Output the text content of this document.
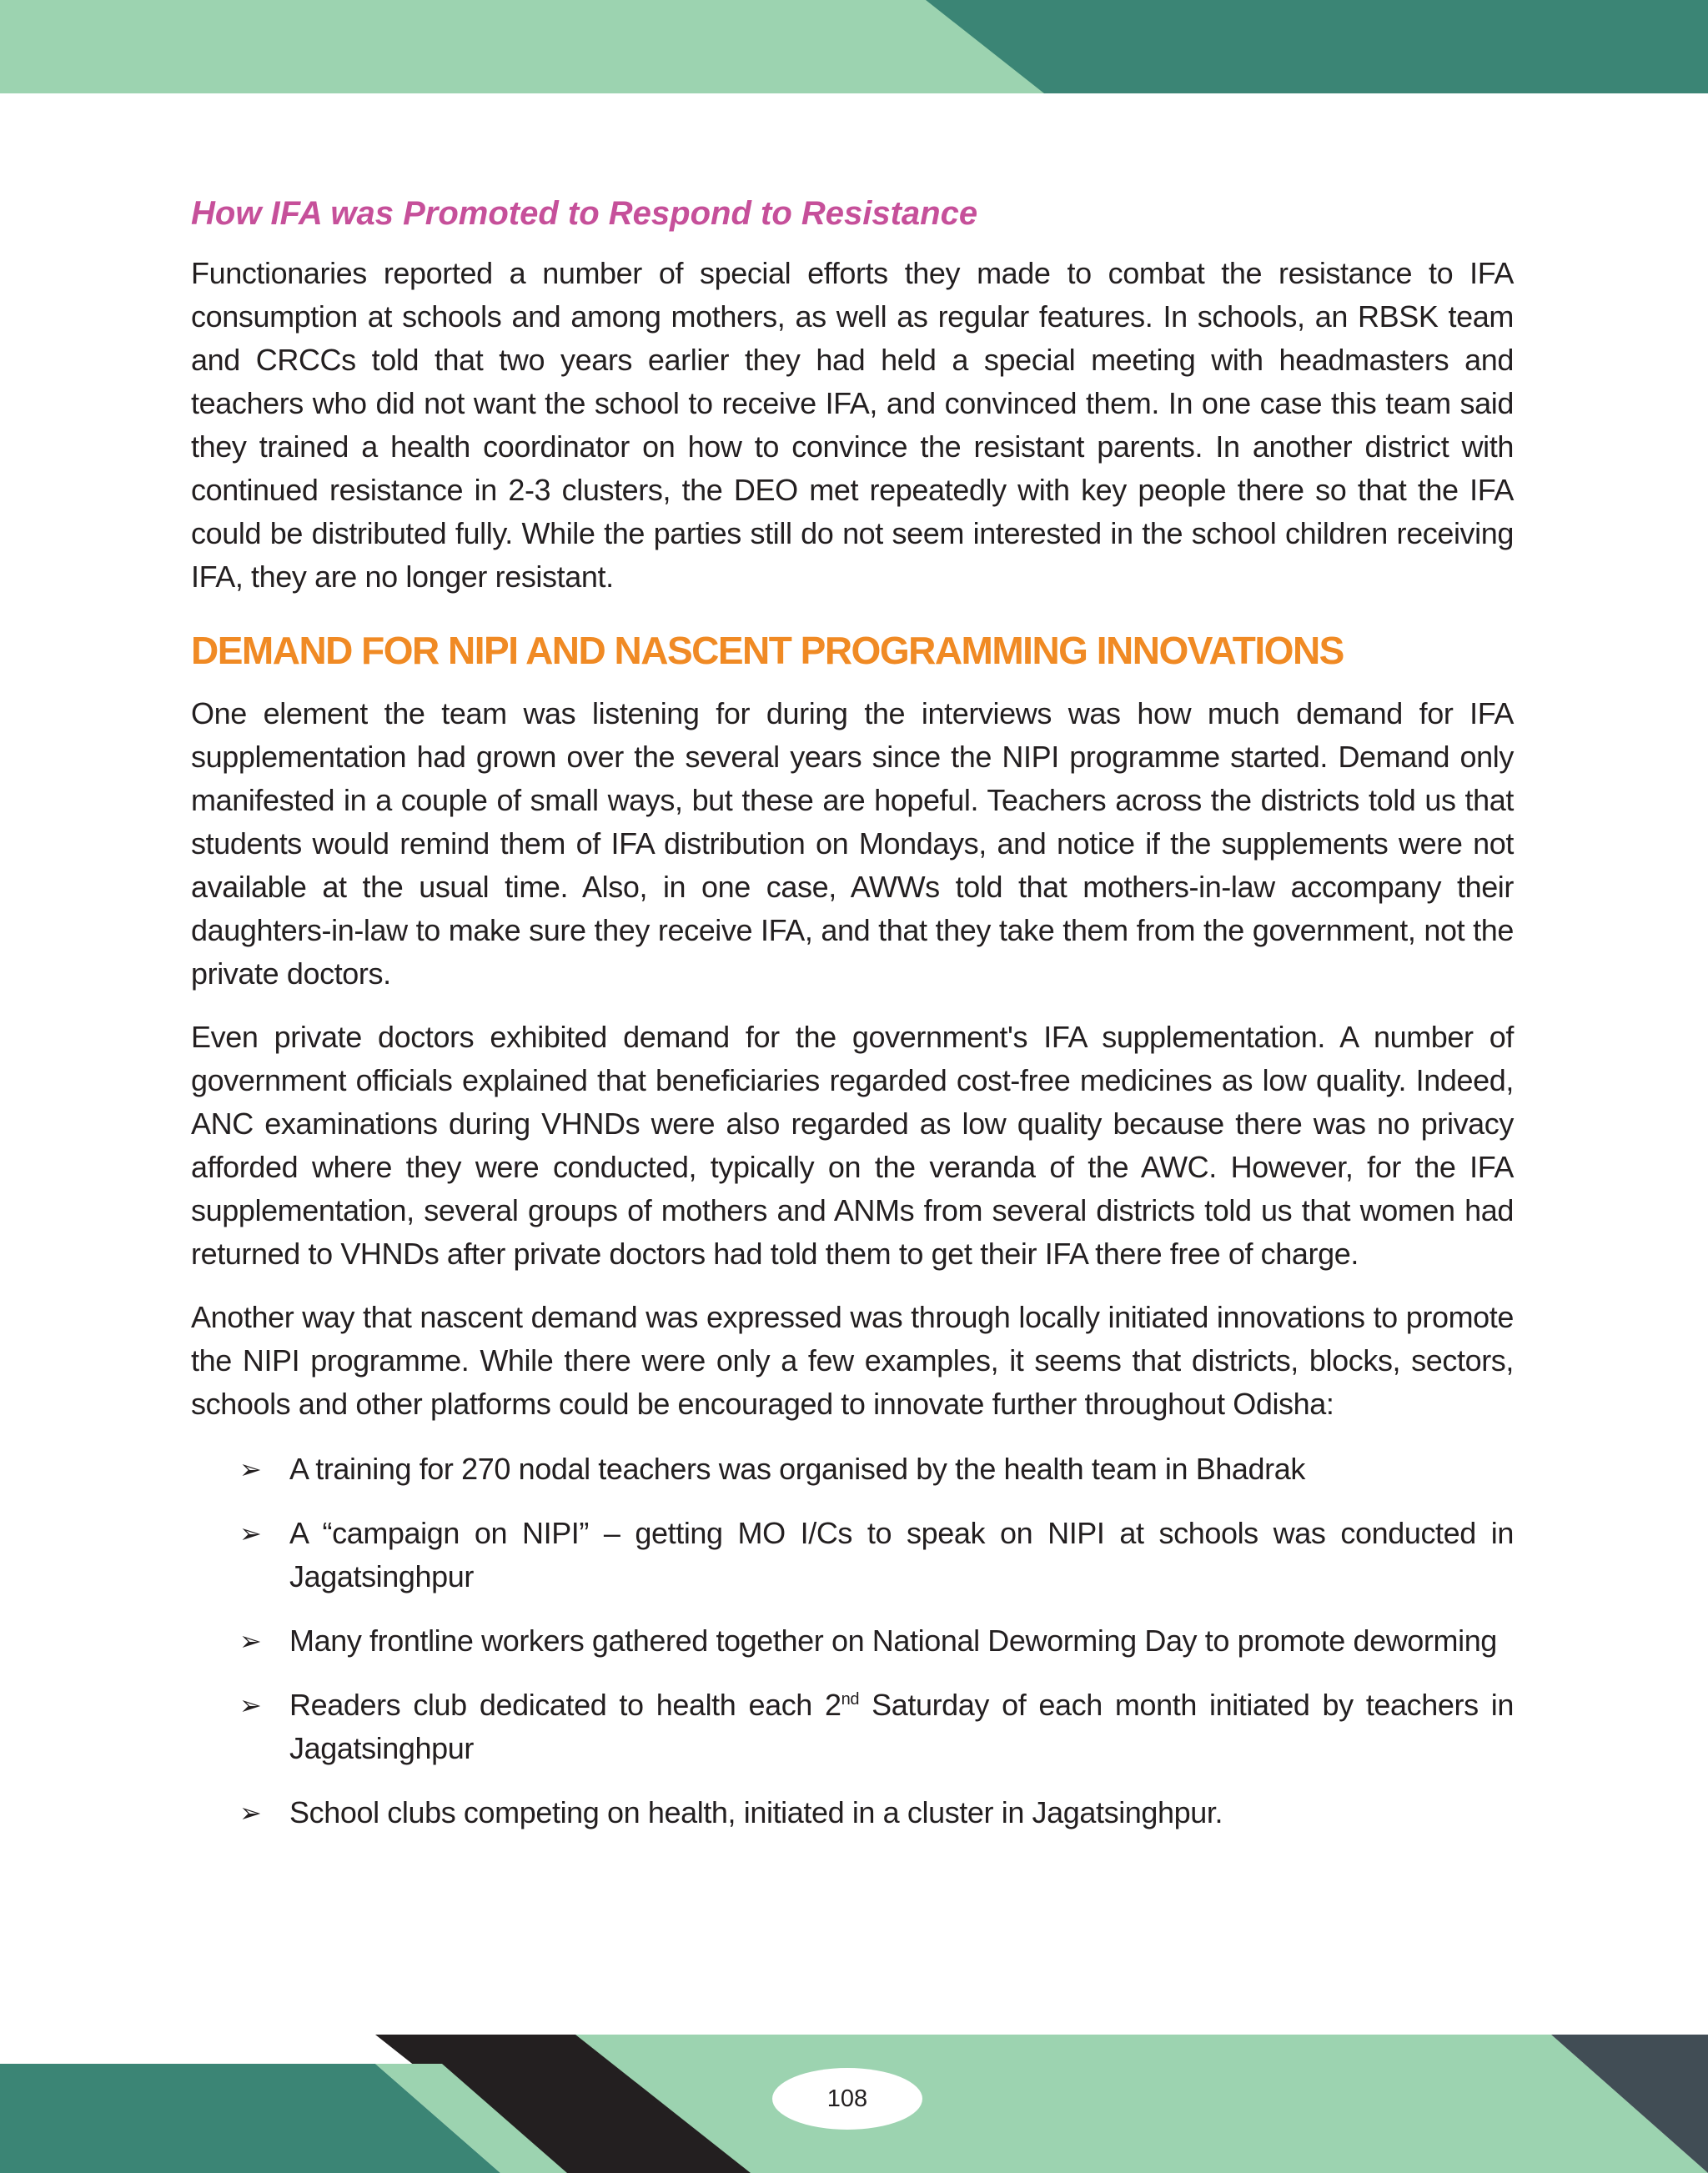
How IFA was Promoted to Respond to Resistance

Functionaries reported a number of special efforts they made to combat the resistance to IFA consumption at schools and among mothers, as well as regular features. In schools, an RBSK team and CRCCs told that two years earlier they had held a special meeting with headmasters and teachers who did not want the school to receive IFA, and convinced them. In one case this team said they trained a health coordinator on how to convince the resistant parents. In another district with continued resistance in 2-3 clusters, the DEO met repeatedly with key people there so that the IFA could be distributed fully. While the parties still do not seem interested in the school children receiving IFA, they are no longer resistant.

DEMAND FOR NIPI AND NASCENT PROGRAMMING INNOVATIONS

One element the team was listening for during the interviews was how much demand for IFA supplementation had grown over the several years since the NIPI programme started. Demand only manifested in a couple of small ways, but these are hopeful. Teachers across the districts told us that students would remind them of IFA distribution on Mondays, and notice if the supplements were not available at the usual time. Also, in one case, AWWs told that mothers-in-law accompany their daughters-in-law to make sure they receive IFA, and that they take them from the government, not the private doctors.

Even private doctors exhibited demand for the government's IFA supplementation. A number of government officials explained that beneficiaries regarded cost-free medicines as low quality. Indeed, ANC examinations during VHNDs were also regarded as low quality because there was no privacy afforded where they were conducted, typically on the veranda of the AWC. However, for the IFA supplementation, several groups of mothers and ANMs from several districts told us that women had returned to VHNDs after private doctors had told them to get their IFA there free of charge.

Another way that nascent demand was expressed was through locally initiated innovations to promote the NIPI programme. While there were only a few examples, it seems that districts, blocks, sectors, schools and other platforms could be encouraged to innovate further throughout Odisha:

➢ A training for 270 nodal teachers was organised by the health team in Bhadrak
➢ A “campaign on NIPI” – getting MO I/Cs to speak on NIPI at schools was conducted in Jagatsinghpur
➢ Many frontline workers gathered together on National Deworming Day to promote deworming
➢ Readers club dedicated to health each 2nd Saturday of each month initiated by teachers in Jagatsinghpur
➢ School clubs competing on health, initiated in a cluster in Jagatsinghpur.
108
